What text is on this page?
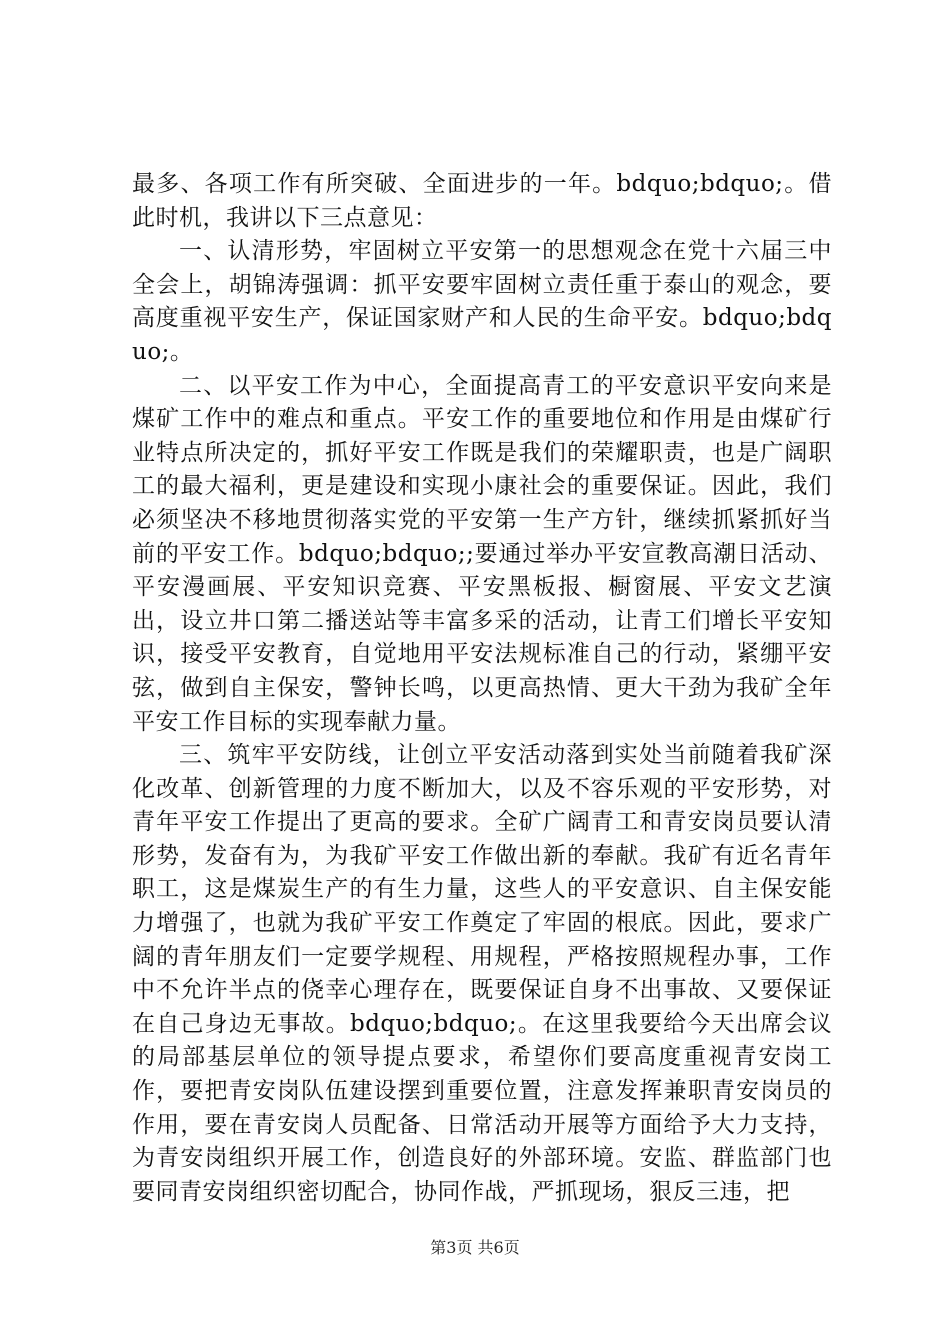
最多、各项工作有所突破、全面进步的一年。bdquo;bdquo;。借此时机，我讲以下三点意见：

一、认清形势，牢固树立平安第一的思想观念在党十六届三中全会上，胡锦涛强调：抓平安要牢固树立责任重于泰山的观念，要高度重视平安生产，保证国家财产和人民的生命平安。bdquo;bdquo;。

二、以平安工作为中心，全面提高青工的平安意识平安向来是煤矿工作中的难点和重点。平安工作的重要地位和作用是由煤矿行业特点所决定的，抓好平安工作既是我们的荣耀职责，也是广阔职工的最大福利，更是建设和实现小康社会的重要保证。因此，我们必须坚决不移地贯彻落实党的平安第一生产方针，继续抓紧抓好当前的平安工作。bdquo;bdquo;;要通过举办平安宣教高潮日活动、平安漫画展、平安知识竞赛、平安黑板报、橱窗展、平安文艺演出，设立井口第二播送站等丰富多采的活动，让青工们增长平安知识，接受平安教育，自觉地用平安法规标准自己的行动，紧绷平安弦，做到自主保安，警钟长鸣，以更高热情、更大干劲为我矿全年平安工作目标的实现奉献力量。

三、筑牢平安防线，让创立平安活动落到实处当前随着我矿深化改革、创新管理的力度不断加大，以及不容乐观的平安形势，对青年平安工作提出了更高的要求。全矿广阔青工和青安岗员要认清形势，发奋有为，为我矿平安工作做出新的奉献。我矿有近名青年职工，这是煤炭生产的有生力量，这些人的平安意识、自主保安能力增强了，也就为我矿平安工作奠定了牢固的根底。因此，要求广阔的青年朋友们一定要学规程、用规程，严格按照规程办事，工作中不允许半点的侥幸心理存在，既要保证自身不出事故、又要保证在自己身边无事故。bdquo;bdquo;。在这里我要给今天出席会议的局部基层单位的领导提点要求，希望你们要高度重视青安岗工作，要把青安岗队伍建设摆到重要位置，注意发挥兼职青安岗员的作用，要在青安岗人员配备、日常活动开展等方面给予大力支持，为青安岗组织开展工作，创造良好的外部环境。安监、群监部门也要同青安岗组织密切配合，协同作战，严抓现场，狠反三违，把

第3页 共6页
